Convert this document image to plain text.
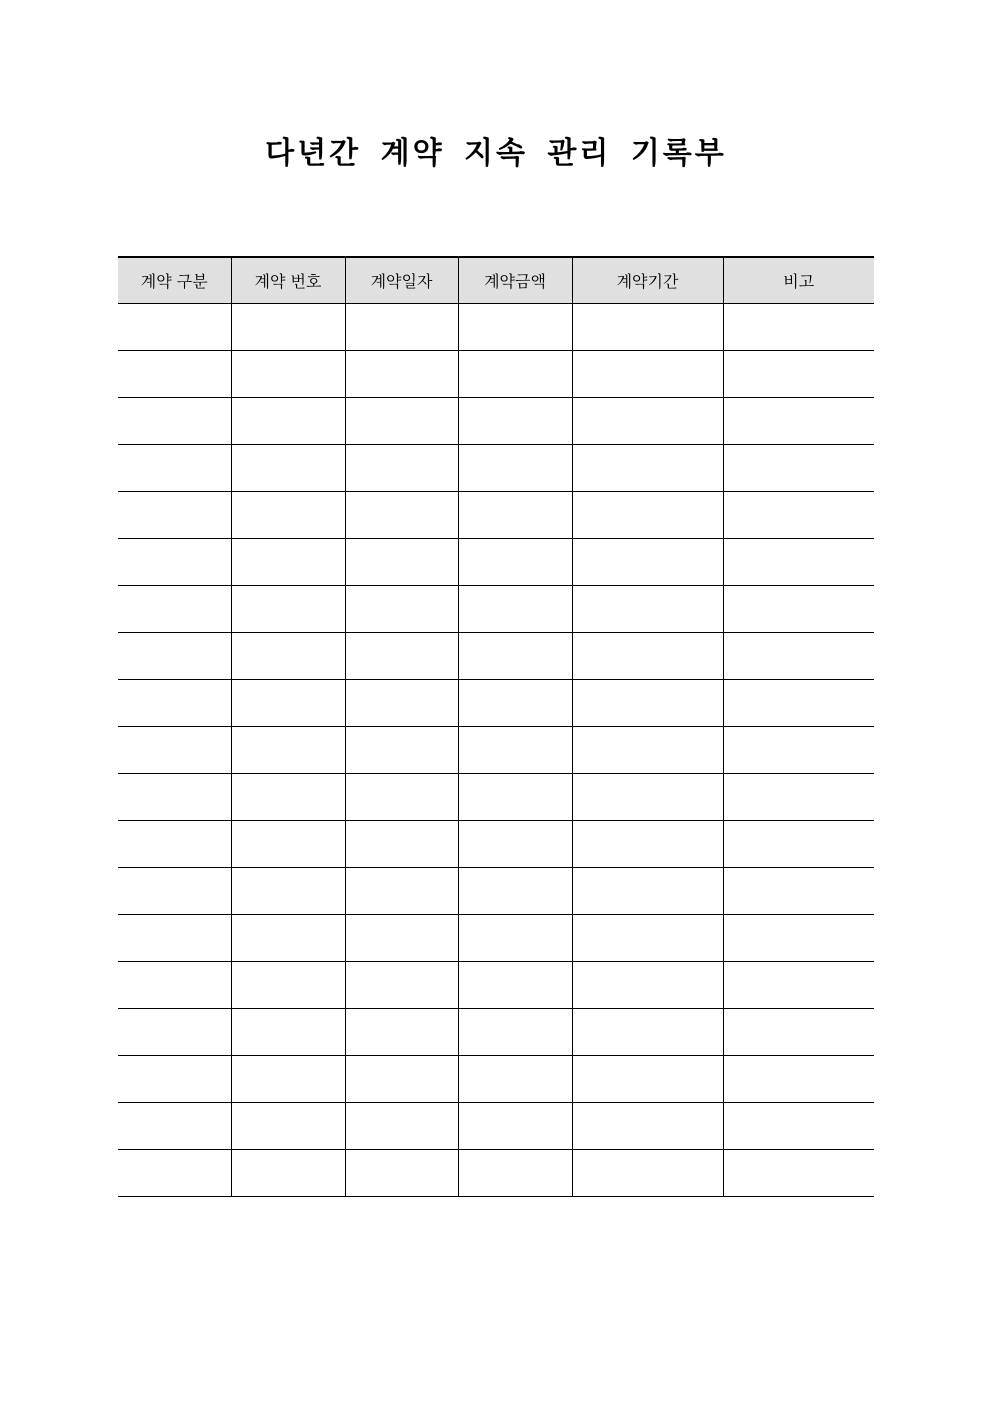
다년간 계약 지속 관리 기록부
계약 구분	계약 번호	계약일자	계약금액	계약기간	비고
